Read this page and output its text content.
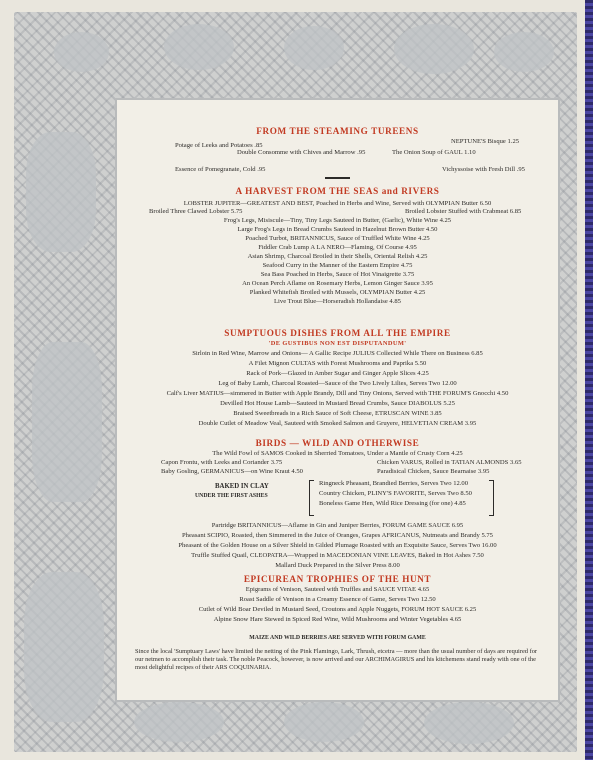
FROM THE STEAMING TUREENS
Potage of Leeks and Potatoes .85
NEPTUNE'S Bisque 1.25
Double Consomme with Chives and Marrow .95	The Onion Soup of GAUL 1.10
Essence of Pomegranate, Cold .95	Vichyssoise with Fresh Dill .95
A HARVEST FROM THE SEAS and RIVERS
LOBSTER JUPITER—GREATEST AND BEST, Poached in Herbs and Wine, Served with OLYMPIAN Butter 6.50
Broiled Three Clawed Lobster 5.75	Broiled Lobster Stuffed with Crabmeat 6.85
Frog's Legs, Misiscule—Tiny, Tiny Legs Sauteed in Butter, (Garlic), White Wine 4.25
Large Frog's Legs in Bread Crumbs Sauteed in Hazelnut Brown Butter 4.50
Poached Turbot, BRITANNICUS, Sauce of Truffled White Wine 4.25
Fiddler Crab Lump A LA NERO—Flaming, Of Course 4.95
Asian Shrimp, Charcoal Broiled in their Shells, Oriental Relish 4.25
Seafood Curry in the Manner of the Eastern Empire 4.75
Sea Bass Poached in Herbs, Sauce of Hot Vinaigrette 3.75
An Ocean Perch Aflame on Rosemary Herbs, Lemon Ginger Sauce 3.95
Planked Whitefish Broiled with Mussels, OLYMPIAN Butter 4.25
Live Trout Blue—Horseradish Hollandaise 4.85
SUMPTUOUS DISHES FROM ALL THE EMPIRE
'DE GUSTIBUS NON EST DISPUTANDUM'
Sirloin in Red Wine, Marrow and Onions— A Gallic Recipe JULIUS Collected While There on Business 6.85
A Filet Mignon CULTAS with Forest Mushrooms and Paprika 5.50
Rack of Pork—Glazed in Amber Sugar and Ginger Apple Slices 4.25
Leg of Baby Lamb, Charcoal Roasted—Sauce of the Two Lively Lilies, Serves Two 12.00
Calf's Liver MATIUS—simmered in Butter with Apple Brandy, Dill and Tiny Onions, Served with THE FORUM'S Gnocchi 4.50
Devilled Hot House Lamb—Sauteed in Mustard Bread Crumbs, Sauce DIABOLUS 5.25
Braised Sweetbreads in a Rich Sauce of Soft Cheese, ETRUSCAN WINE 3.85
Double Cutlet of Meadow Veal, Sauteed with Smoked Salmon and Gruyere, HELVETIAN CREAM 3.95
BIRDS — WILD AND OTHERWISE
The Wild Fowl of SAMOS Cooked in Sherried Tomatoes, Under a Mantle of Crusty Corn 4.25
Capon Frontu, with Leeks and Coriander 3.75	Chicken VARUS, Rolled in TATIAN ALMONDS 3.65
Baby Gosling, GERMANICUS—on Wine Kraut 4.50	Paradisical Chicken, Sauce Bearnaise 3.95
BAKED IN CLAY
UNDER THE FIRST ASHES
Ringneck Pheasant, Brandied Berries, Serves Two 12.00
Country Chicken, PLINY'S FAVORITE, Serves Two 8.50
Boneless Game Hen, Wild Rice Dressing (for one) 4.85
Partridge BRITANNICUS—Aflame in Gin and Juniper Berries, FORUM GAME SAUCE 6.95
Pheasant SCIPIO, Roasted, then Simmered in the Juice of Oranges, Grapes AFRICANUS, Nutmeats and Brandy 5.75
Pheasant of the Golden House on a Silver Shield in Gilded Plumage Roasted with an Exquisite Sauce, Serves Two 16.00
Truffle Stuffed Quail, CLEOPATRA—Wrapped in MACEDONIAN VINE LEAVES, Baked in Hot Ashes 7.50
Mallard Duck Prepared in the Silver Press 8.00
EPICUREAN TROPHIES OF THE HUNT
Epigrams of Venison, Sauteed with Truffles and SAUCE VITAE 4.65
Roast Saddle of Venison in a Creamy Essence of Game, Serves Two 12.50
Cutlet of Wild Boar Deviled in Mustard Seed, Croutons and Apple Nuggets, FORUM HOT SAUCE 6.25
Alpine Snow Hare Stewed in Spiced Red Wine, Wild Mushrooms and Winter Vegetables 4.65
MAIZE AND WILD BERRIES ARE SERVED WITH FORUM GAME
Since the local 'Sumptuary Laws' have limited the netting of the Pink Flamingo, Lark, Thrush, etcetra — more than the usual number of days are required for our netmen to accomplish their task. The noble Peacock, however, is now arrived and our ARCHIMAGIRUS and his kitchemens stand ready with one of the most delightful recipes of their ARS COQUINARIA.
